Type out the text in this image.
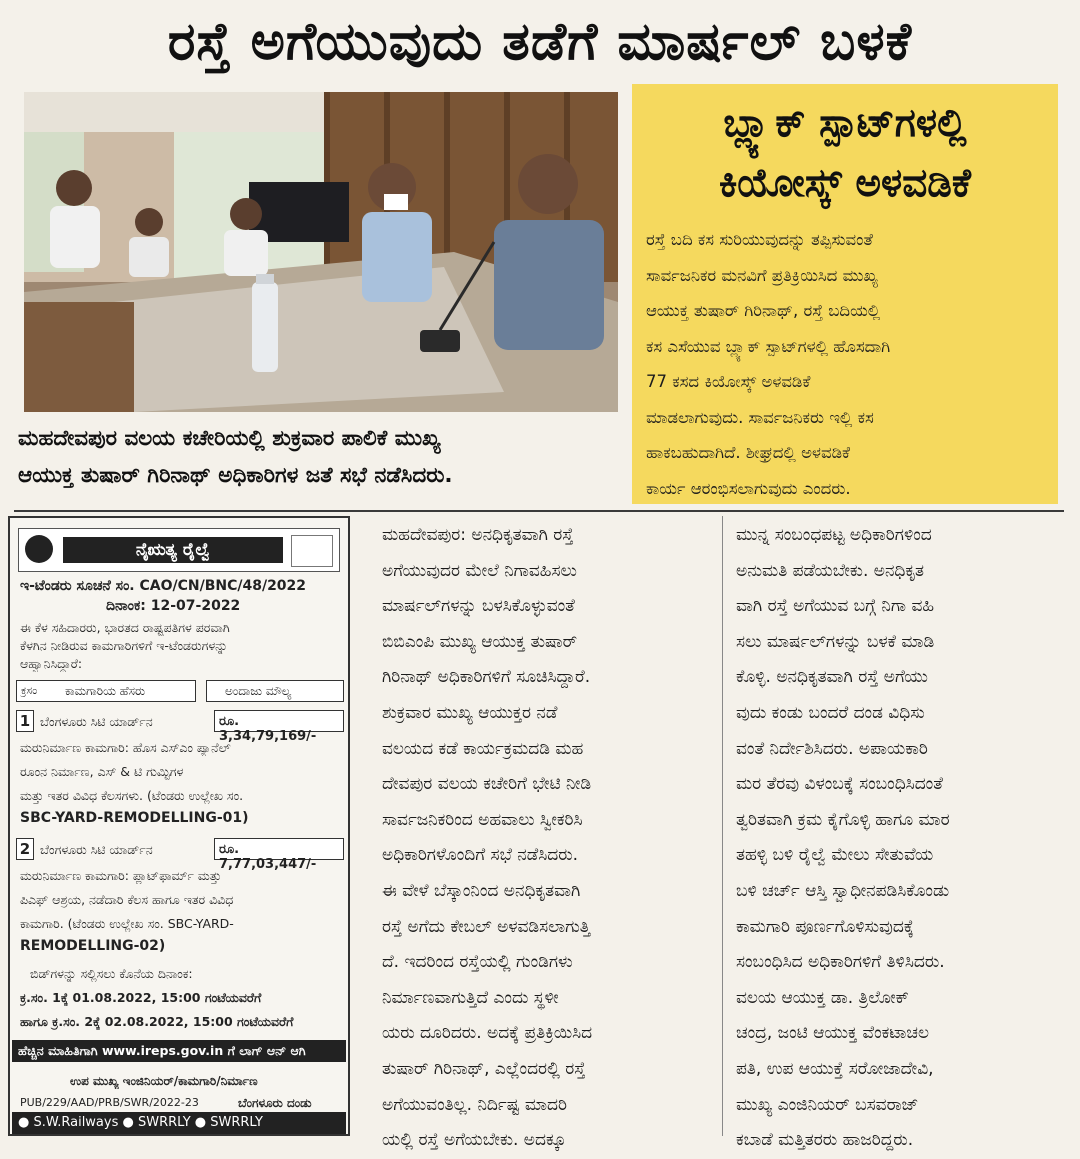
ರಸ್ತೆ ಅಗೆಯುವುದು ತಡೆಗೆ ಮಾರ್ಷಲ್ ಬಳಕೆ
ಮಹದೇವಪುರ ವಲಯ ಕಚೇರಿಯಲ್ಲಿ ಶುಕ್ರವಾರ ಪಾಲಿಕೆ ಮುಖ್ಯ
ಆಯುಕ್ತ ತುಷಾರ್ ಗಿರಿನಾಥ್ ಅಧಿಕಾರಿಗಳ ಜತೆ ಸಭೆ ನಡೆಸಿದರು.
ಬ್ಲ್ಯಾಕ್ ಸ್ಪಾಟ್‌ಗಳಲ್ಲಿ
ಕಿಯೋಸ್ಕ್ ಅಳವಡಿಕೆ
ರಸ್ತೆ ಬದಿ ಕಸ ಸುರಿಯುವುದನ್ನು ತಪ್ಪಿಸುವಂತೆ
ಸಾರ್ವಜನಿಕರ ಮನವಿಗೆ ಪ್ರತಿಕ್ರಿಯಿಸಿದ ಮುಖ್ಯ
ಆಯುಕ್ತ ತುಷಾರ್ ಗಿರಿನಾಥ್, ರಸ್ತೆ ಬದಿಯಲ್ಲಿ
ಕಸ ಎಸೆಯುವ ಬ್ಲ್ಯಾಕ್ ಸ್ಪಾಟ್‌ಗಳಲ್ಲಿ ಹೊಸದಾಗಿ
77 ಕಸದ ಕಿಯೋಸ್ಕ್ ಅಳವಡಿಕೆ
ಮಾಡಲಾಗುವುದು. ಸಾರ್ವಜನಿಕರು ಇಲ್ಲಿ ಕಸ
ಹಾಕಬಹುದಾಗಿದೆ. ಶೀಘ್ರದಲ್ಲಿ ಅಳವಡಿಕೆ
ಕಾರ್ಯ ಆರಂಭಿಸಲಾಗುವುದು ಎಂದರು.
ನೈಋತ್ಯ ರೈಲ್ವೆ
ಇ-ಟೆಂಡರು ಸೂಚನೆ ಸಂ. CAO/CN/BNC/48/2022
ದಿನಾಂಕ: 12-07-2022
ಈ ಕೆಳ ಸಹಿದಾರರು, ಭಾರತದ ರಾಷ್ಟ್ರಪತಿಗಳ ಪರವಾಗಿ
ಕೆಳಗಿನ ನೀಡಿರುವ ಕಾಮಗಾರಿಗಳಿಗೆ ಇ-ಟೆಂಡರುಗಳನ್ನು
ಆಹ್ವಾನಿಸಿದ್ದಾರೆ:
ಕ್ರಸಂ ಕಾಮಗಾರಿಯ ಹೆಸರು	ಅಂದಾಜು ಮೌಲ್ಯ
1 ಬೆಂಗಳೂರು ಸಿಟಿ ಯಾರ್ಡ್‌ನ	ರೂ. 3,34,79,169/-
ಮರುನಿರ್ಮಾಣ ಕಾಮಗಾರಿ: ಹೊಸ ಎಸ್‌ಎಂ ಪ್ಯಾನೆಲ್
ರೂಂನ ನಿರ್ಮಾಣ, ಎಸ್ & ಟಿ ಗುಮ್ಟಿಗಳ
ಮತ್ತು ಇತರ ವಿವಿಧ ಕೆಲಸಗಳು. (ಟೆಂಡರು ಉಲ್ಲೇಖ ಸಂ.
SBC-YARD-REMODELLING-01)
2 ಬೆಂಗಳೂರು ಸಿಟಿ ಯಾರ್ಡ್‌ನ	ರೂ. 7,77,03,447/-
ಮರುನಿರ್ಮಾಣ ಕಾಮಗಾರಿ: ಪ್ಲಾಟ್‌ಫಾರ್ಮ್ ಮತ್ತು
ಪಿಎಫ್ ಆಶ್ರಯ, ನಡೆದಾರಿ ಕೆಲಸ ಹಾಗೂ ಇತರ ವಿವಿಧ
ಕಾಮಗಾರಿ. (ಟೆಂಡರು ಉಲ್ಲೇಖ ಸಂ. SBC-YARD-
REMODELLING-02)
ಬಿಡ್‌ಗಳನ್ನು ಸಲ್ಲಿಸಲು ಕೊನೆಯ ದಿನಾಂಕ:
ಕ್ರ.ಸಂ. 1ಕ್ಕೆ 01.08.2022, 15:00 ಗಂಟೆಯವರೆಗೆ
ಹಾಗೂ ಕ್ರ.ಸಂ. 2ಕ್ಕೆ 02.08.2022, 15:00 ಗಂಟೆಯವರೆಗೆ
ಹೆಚ್ಚಿನ ಮಾಹಿತಿಗಾಗಿ www.ireps.gov.in ಗೆ ಲಾಗ್ ಆನ್ ಆಗಿ
ಉಪ ಮುಖ್ಯ ಇಂಜಿನಿಯರ್/ಕಾಮಗಾರಿ/ನಿರ್ಮಾಣ
PUB/229/AAD/PRB/SWR/2022-23	ಬೆಂಗಳೂರು ದಂಡು
● S.W.Railways ● SWRRLY ● SWRRLY
ಮಹದೇವಪುರ: ಅನಧಿಕೃತವಾಗಿ ರಸ್ತೆ
ಅಗೆಯುವುದರ ಮೇಲೆ ನಿಗಾವಹಿಸಲು
ಮಾರ್ಷಲ್‌ಗಳನ್ನು ಬಳಸಿಕೊಳ್ಳುವಂತೆ
ಬಿಬಿಎಂಪಿ ಮುಖ್ಯ ಆಯುಕ್ತ ತುಷಾರ್
ಗಿರಿನಾಥ್ ಅಧಿಕಾರಿಗಳಿಗೆ ಸೂಚಿಸಿದ್ದಾರೆ.
ಶುಕ್ರವಾರ ಮುಖ್ಯ ಆಯುಕ್ತರ ನಡೆ
ವಲಯದ ಕಡೆ ಕಾರ್ಯಕ್ರಮದಡಿ ಮಹ
ದೇವಪುರ ವಲಯ ಕಚೇರಿಗೆ ಭೇಟಿ ನೀಡಿ
ಸಾರ್ವಜನಿಕರಿಂದ ಅಹವಾಲು ಸ್ವೀಕರಿಸಿ
ಅಧಿಕಾರಿಗಳೊಂದಿಗೆ ಸಭೆ ನಡೆಸಿದರು.
ಈ ವೇಳೆ ಬೆಸ್ಕಾಂನಿಂದ ಅನಧಿಕೃತವಾಗಿ
ರಸ್ತೆ ಅಗೆದು ಕೇಬಲ್ ಅಳವಡಿಸಲಾಗುತ್ತಿ
ದೆ. ಇದರಿಂದ ರಸ್ತೆಯಲ್ಲಿ ಗುಂಡಿಗಳು
ನಿರ್ಮಾಣವಾಗುತ್ತಿದೆ ಎಂದು ಸ್ಥಳೀ
ಯರು ದೂರಿದರು. ಅದಕ್ಕೆ ಪ್ರತಿಕ್ರಿಯಿಸಿದ
ತುಷಾರ್ ಗಿರಿನಾಥ್, ಎಲ್ಲೆಂದರಲ್ಲಿ ರಸ್ತೆ
ಅಗೆಯುವಂತಿಲ್ಲ. ನಿರ್ದಿಷ್ಟ ಮಾದರಿ
ಯಲ್ಲಿ ರಸ್ತೆ ಅಗೆಯಬೇಕು. ಅದಕ್ಕೂ
ಮುನ್ನ ಸಂಬಂಧಪಟ್ಟ ಅಧಿಕಾರಿಗಳಿಂದ
ಅನುಮತಿ ಪಡೆಯಬೇಕು. ಅನಧಿಕೃತ
ವಾಗಿ ರಸ್ತೆ ಅಗೆಯುವ ಬಗ್ಗೆ ನಿಗಾ ವಹಿ
ಸಲು ಮಾರ್ಷಲ್‌ಗಳನ್ನು ಬಳಕೆ ಮಾಡಿ
ಕೊಳ್ಳಿ. ಅನಧಿಕೃತವಾಗಿ ರಸ್ತೆ ಅಗೆಯು
ವುದು ಕಂಡು ಬಂದರೆ ದಂಡ ವಿಧಿಸು
ವಂತೆ ನಿರ್ದೇಶಿಸಿದರು. ಅಪಾಯಕಾರಿ
ಮರ ತೆರವು ವಿಳಂಬಕ್ಕೆ ಸಂಬಂಧಿಸಿದಂತೆ
ತ್ವರಿತವಾಗಿ ಕ್ರಮ ಕೈಗೊಳ್ಳಿ ಹಾಗೂ ಮಾರ
ತಹಳ್ಳಿ ಬಳಿ ರೈಲ್ವೆ ಮೇಲು ಸೇತುವೆಯ
ಬಳಿ ಚರ್ಚ್ ಆಸ್ತಿ ಸ್ವಾಧೀನಪಡಿಸಿಕೊಂಡು
ಕಾಮಗಾರಿ ಪೂರ್ಣಗೊಳಿಸುವುದಕ್ಕೆ
ಸಂಬಂಧಿಸಿದ ಅಧಿಕಾರಿಗಳಿಗೆ ತಿಳಿಸಿದರು.
ವಲಯ ಆಯುಕ್ತ ಡಾ. ತ್ರಿಲೋಕ್
ಚಂದ್ರ, ಜಂಟಿ ಆಯುಕ್ತ ವೆಂಕಟಾಚಲ
ಪತಿ, ಉಪ ಆಯುಕ್ತೆ ಸರೋಜಾದೇವಿ,
ಮುಖ್ಯ ಎಂಜಿನಿಯರ್ ಬಸವರಾಜ್
ಕಬಾಡೆ ಮತ್ತಿತರರು ಹಾಜರಿದ್ದರು.
